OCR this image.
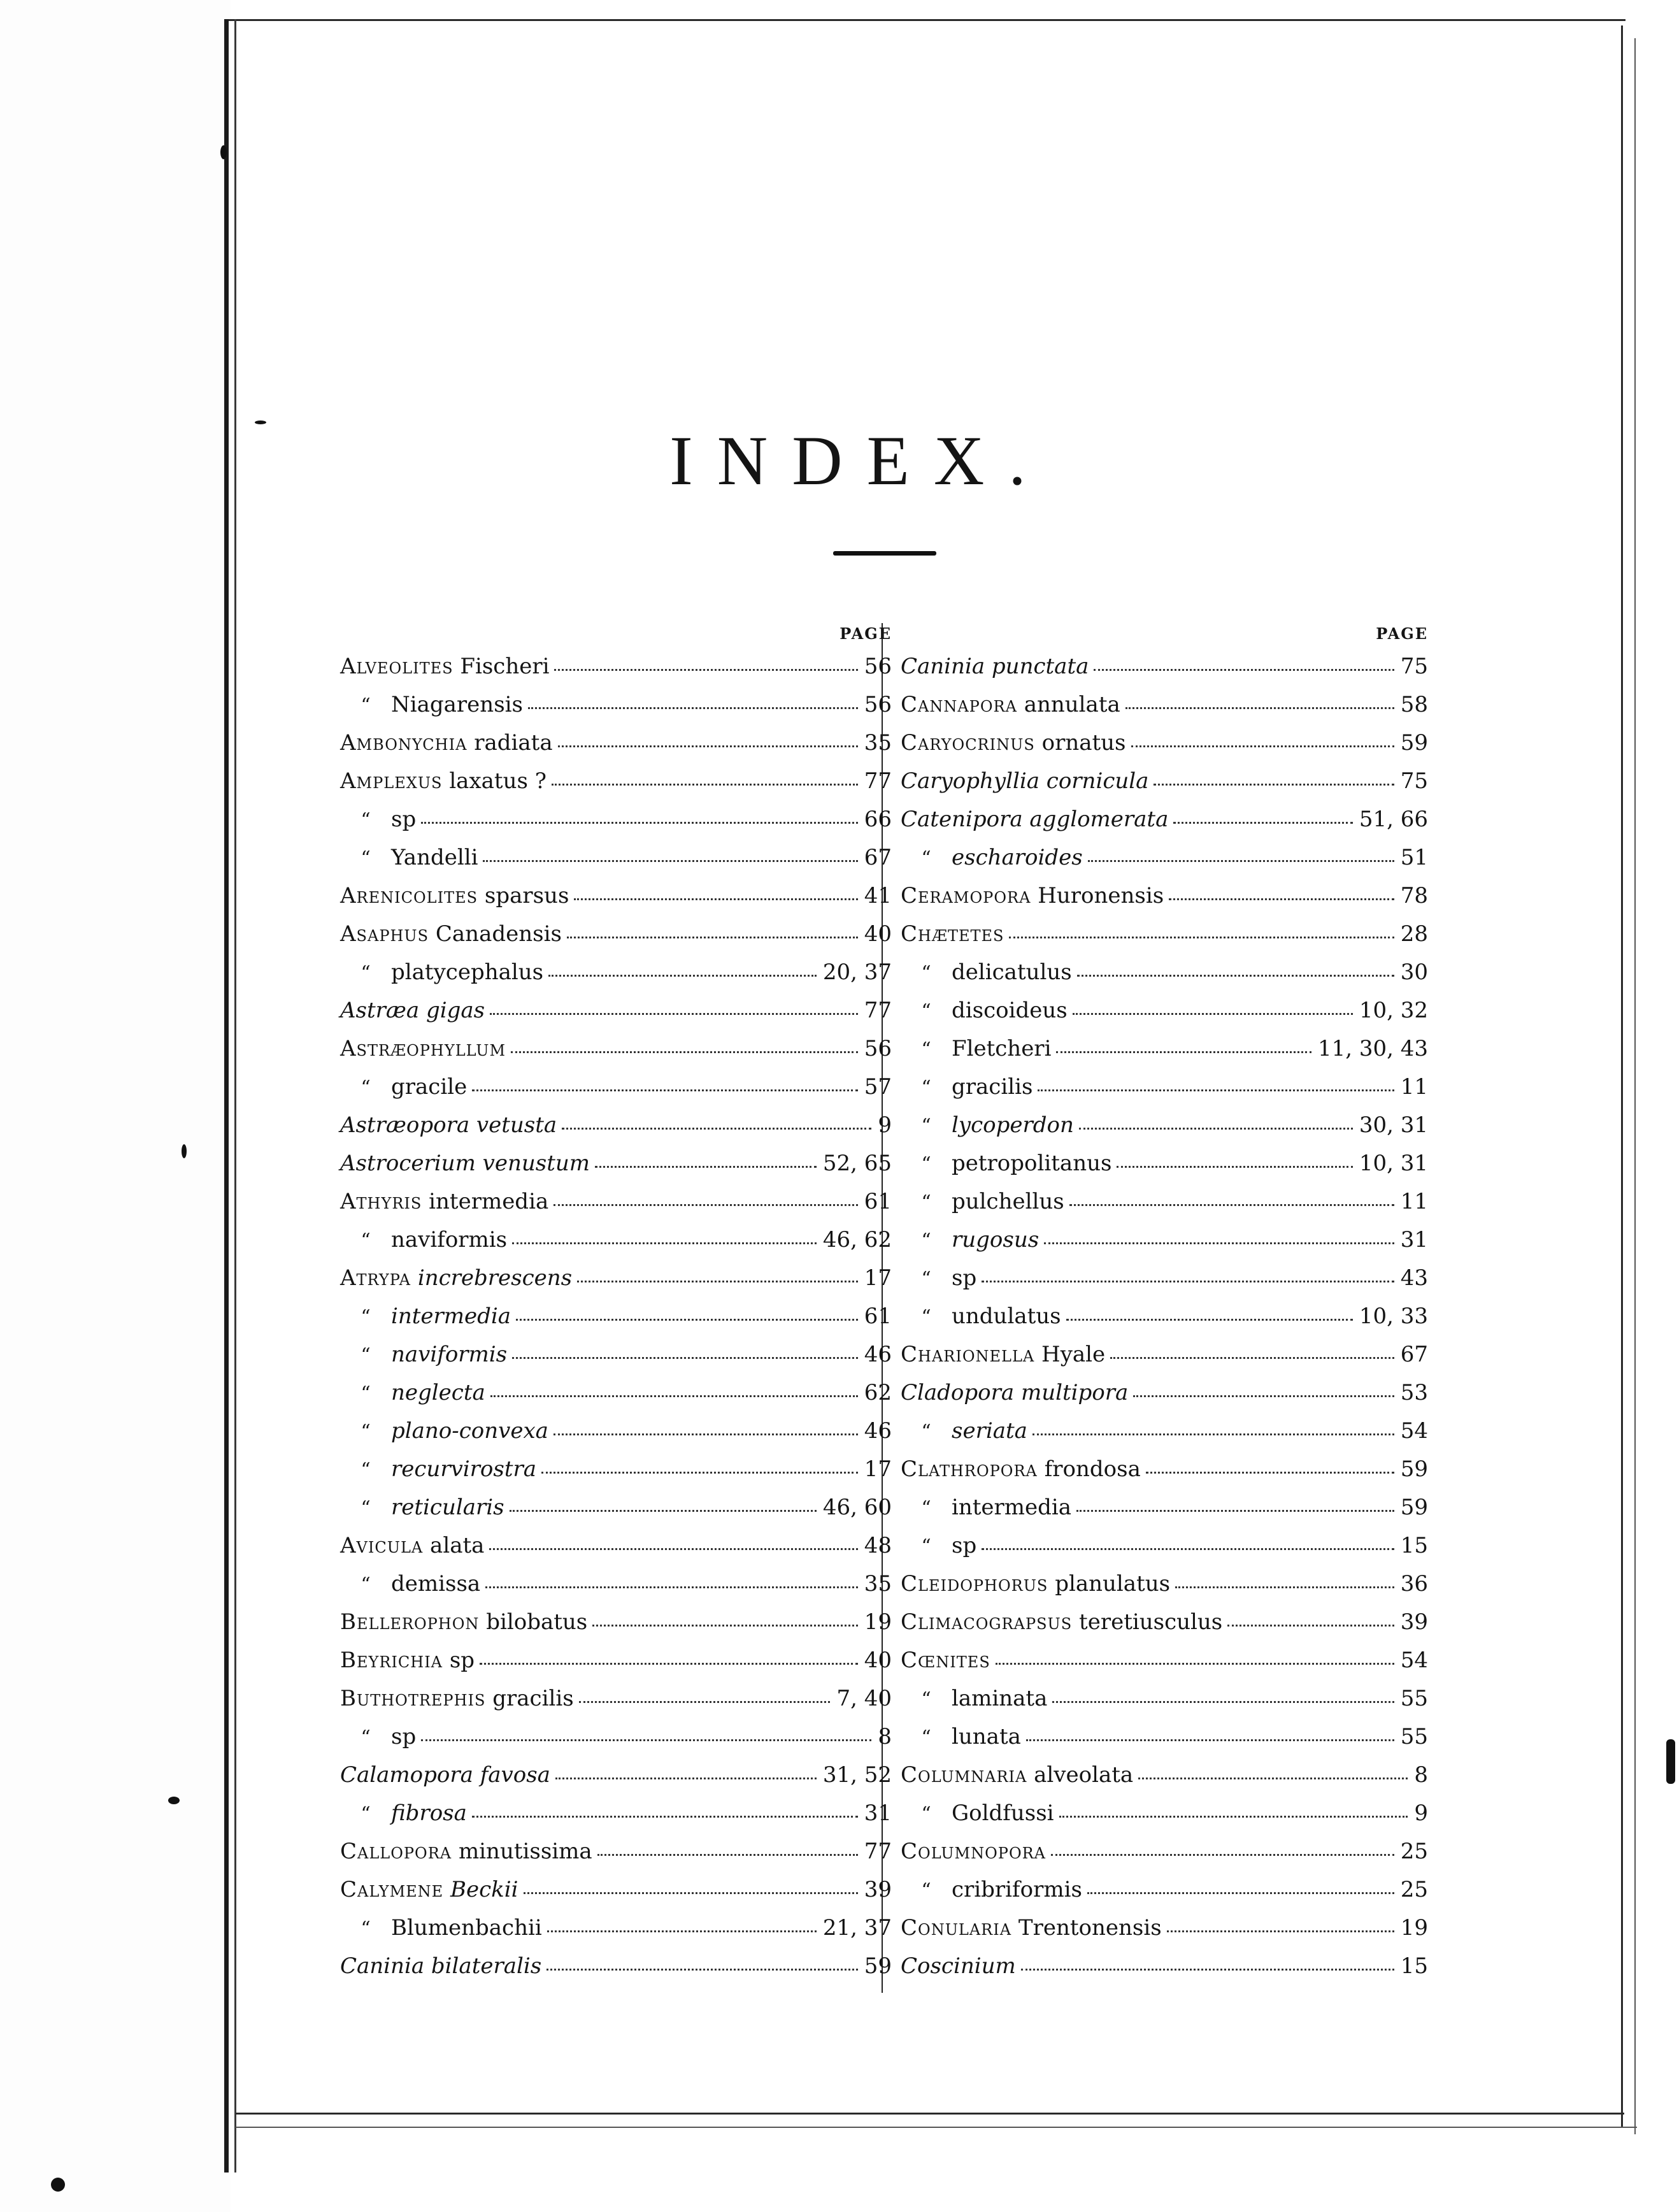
INDEX.
PAGE
Alveolites Fischeri	56
“ Niagarensis	56
Ambonychia radiata	35
Amplexus laxatus ?	77
“ sp	66
“ Yandelli	67
Arenicolites sparsus	41
Asaphus Canadensis	40
“ platycephalus	20, 37
Astræa gigas	77
Astræophyllum	56
“ gracile	57
Astræopora vetusta	9
Astrocerium venustum	52, 65
Athyris intermedia	61
“ naviformis	46, 62
Atrypa increbrescens	17
“ intermedia	61
“ naviformis	46
“ neglecta	62
“ plano-convexa	46
“ recurvirostra	17
“ reticularis	46, 60
Avicula alata	48
“ demissa	35
Bellerophon bilobatus	19
Beyrichia sp	40
Buthotrephis gracilis	7, 40
“ sp	8
Calamopora favosa	31, 52
“ fibrosa	31
Callopora minutissima	77
Calymene Beckii	39
“ Blumenbachii	21, 37
Caninia bilateralis	59
PAGE
Caninia punctata	75
Cannapora annulata	58
Caryocrinus ornatus	59
Caryophyllia cornicula	75
Catenipora agglomerata	51, 66
“ escharoides	51
Ceramopora Huronensis	78
Chætetes	28
“ delicatulus	30
“ discoideus	10, 32
“ Fletcheri	11, 30, 43
“ gracilis	11
“ lycoperdon	30, 31
“ petropolitanus	10, 31
“ pulchellus	11
“ rugosus	31
“ sp	43
“ undulatus	10, 33
Charionella Hyale	67
Cladopora multipora	53
“ seriata	54
Clathropora frondosa	59
“ intermedia	59
“ sp	15
Cleidophorus planulatus	36
Climacograpsus teretiusculus	39
Cœnites	54
“ laminata	55
“ lunata	55
Columnaria alveolata	8
“ Goldfussi	9
Columnopora	25
“ cribriformis	25
Conularia Trentonensis	19
Coscinium	15
